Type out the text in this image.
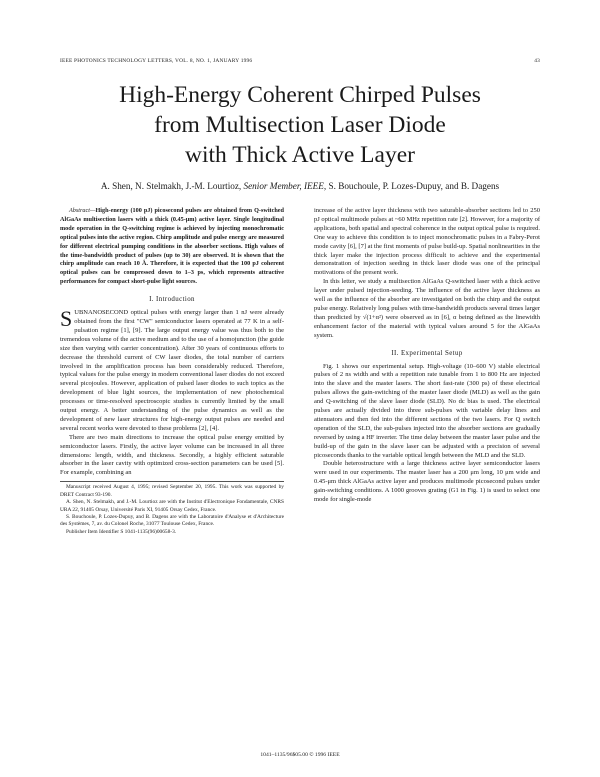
IEEE PHOTONICS TECHNOLOGY LETTERS, VOL. 8, NO. 1, JANUARY 1996	43
High-Energy Coherent Chirped Pulses
from Multisection Laser Diode
with Thick Active Layer
A. Shen, N. Stelmakh, J.-M. Lourtioz, Senior Member, IEEE, S. Bouchoule, P. Lozes-Dupuy, and B. Dagens

Abstract—High-energy (100 pJ) picosecond pulses are obtained from Q-switched AlGaAs multisection lasers with a thick (0.45-μm) active layer. Single longitudinal mode operation in the Q-switching regime is achieved by injecting monochromatic optical pulses into the active region. Chirp amplitude and pulse energy are measured for different electrical pumping conditions in the absorber sections. High values of the time-bandwidth product of pulses (up to 30) are observed. It is shown that the chirp amplitude can reach 10 Å. Therefore, it is expected that the 100 pJ coherent optical pulses can be compressed down to 1–3 ps, which represents attractive performances for compact short-pulse light sources.

I. Introduction

SUBNANOSECOND optical pulses with energy larger than 1 nJ were already obtained from the first "CW" semiconductor lasers operated at 77 K in a self-pulsation regime [1], [9]. The large output energy value was thus both to the tremendous volume of the active medium and to the use of a homojunction (the guide size then varying with carrier concentration). After 30 years of continuous efforts to decrease the threshold current of CW laser diodes, the total number of carriers involved in the amplification process has been considerably reduced. Therefore, typical values for the pulse energy in modern conventional laser diodes do not exceed several picojoules. However, application of pulsed laser diodes to such topics as the development of blue light sources, the implementation of new photochemical processes or time-resolved spectroscopic studies is currently limited by the small output energy. A better understanding of the pulse dynamics as well as the development of new laser structures for high-energy output pulses are needed and several recent works were devoted to these problems [2], [4].

There are two main directions to increase the optical pulse energy emitted by semiconductor lasers. Firstly, the active layer volume can be increased in all three dimensions: length, width, and thickness. Secondly, a highly efficient saturable absorber in the laser cavity with optimized cross-section parameters can be used [5]. For example, combining an

Manuscript received August 4, 1995; revised September 20, 1995. This work was supported by DRET Contract 93-190.

A. Shen, N. Stelmakh, and J.-M. Lourtioz are with the Institut d'Electronique Fondamentale, CNRS URA 22, 91405 Orsay, Université Paris XI, 91405 Orsay Cedex, France.

S. Bouchoule, P. Lozes-Dupuy, and B. Dagens are with the Laboratoire d'Analyse et d'Architecture des Systèmes, 7, av. du Colonel Roche, 31077 Toulouse Cedex, France.

Publisher Item Identifier S 1041-1135(96)00658-3.

increase of the active layer thickness with two saturable-absorber sections led to 250 pJ optical multimode pulses at ~60 MHz repetition rate [2]. However, for a majority of applications, both spatial and spectral coherence in the output optical pulse is required. One way to achieve this condition is to inject monochromatic pulses in a Fabry-Perot mode cavity [6], [7] at the first moments of pulse build-up. Spatial nonlinearities in the thick layer make the injection process difficult to achieve and the experimental demonstration of injection seeding in thick laser diode was one of the principal motivations of the present work.

In this letter, we study a multisection AlGaAs Q-switched laser with a thick active layer under pulsed injection-seeding. The influence of the active layer thickness as well as the influence of the absorber are investigated on both the chirp and the output pulse energy. Relatively long pulses with time-bandwidth products several times larger than predicted by √(1+α²) were observed as in [6], α being defined as the linewidth enhancement factor of the material with typical values around 5 for the AlGaAs system.

II. Experimental Setup

Fig. 1 shows our experimental setup. High-voltage (10–600 V) stable electrical pulses of 2 ns width and with a repetition rate tunable from 1 to 800 Hz are injected into the slave and the master lasers. The short fast-rate (300 ps) of these electrical pulses allows the gain-switching of the master laser diode (MLD) as well as the gain and Q-switching of the slave laser diode (SLD). No dc bias is used. The electrical pulses are actually divided into three sub-pulses with variable delay lines and attenuators and then fed into the different sections of the two lasers. For Q switch operation of the SLD, the sub-pulses injected into the absorber sections are gradually reversed by using a HF inverter. The time delay between the master laser pulse and the build-up of the gain in the slave laser can be adjusted with a precision of several picoseconds thanks to the variable optical length between the MLD and the SLD.

Double heterostructure with a large thickness active layer semiconductor lasers were used in our experiments. The master laser has a 200 μm long, 10 μm wide and 0.45-μm thick AlGaAs active layer and produces multimode picosecond pulses under gain-switching conditions. A 1000 grooves grating (G1 in Fig. 1) is used to select one mode for single-mode

1041–1135/96$05.00 © 1996 IEEE
